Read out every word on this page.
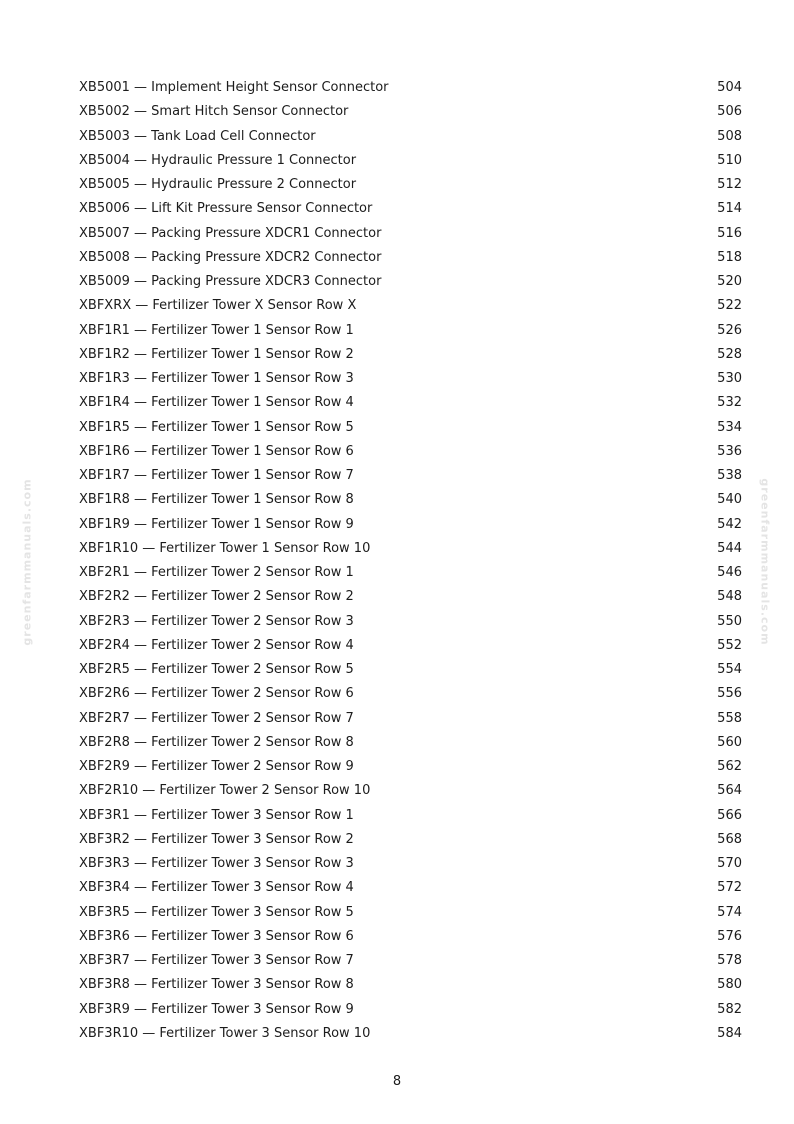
greenfarmmanuals.com	greenfarmmanuals.com
XB5001 — Implement Height Sensor Connector	504
XB5002 — Smart Hitch Sensor Connector	506
XB5003 — Tank Load Cell Connector	508
XB5004 — Hydraulic Pressure 1 Connector	510
XB5005 — Hydraulic Pressure 2 Connector	512
XB5006 — Lift Kit Pressure Sensor Connector	514
XB5007 — Packing Pressure XDCR1 Connector	516
XB5008 — Packing Pressure XDCR2 Connector	518
XB5009 — Packing Pressure XDCR3 Connector	520
XBFXRX — Fertilizer Tower X Sensor Row X	522
XBF1R1 — Fertilizer Tower 1 Sensor Row 1	526
XBF1R2 — Fertilizer Tower 1 Sensor Row 2	528
XBF1R3 — Fertilizer Tower 1 Sensor Row 3	530
XBF1R4 — Fertilizer Tower 1 Sensor Row 4	532
XBF1R5 — Fertilizer Tower 1 Sensor Row 5	534
XBF1R6 — Fertilizer Tower 1 Sensor Row 6	536
XBF1R7 — Fertilizer Tower 1 Sensor Row 7	538
XBF1R8 — Fertilizer Tower 1 Sensor Row 8	540
XBF1R9 — Fertilizer Tower 1 Sensor Row 9	542
XBF1R10 — Fertilizer Tower 1 Sensor Row 10	544
XBF2R1 — Fertilizer Tower 2 Sensor Row 1	546
XBF2R2 — Fertilizer Tower 2 Sensor Row 2	548
XBF2R3 — Fertilizer Tower 2 Sensor Row 3	550
XBF2R4 — Fertilizer Tower 2 Sensor Row 4	552
XBF2R5 — Fertilizer Tower 2 Sensor Row 5	554
XBF2R6 — Fertilizer Tower 2 Sensor Row 6	556
XBF2R7 — Fertilizer Tower 2 Sensor Row 7	558
XBF2R8 — Fertilizer Tower 2 Sensor Row 8	560
XBF2R9 — Fertilizer Tower 2 Sensor Row 9	562
XBF2R10 — Fertilizer Tower 2 Sensor Row 10	564
XBF3R1 — Fertilizer Tower 3 Sensor Row 1	566
XBF3R2 — Fertilizer Tower 3 Sensor Row 2	568
XBF3R3 — Fertilizer Tower 3 Sensor Row 3	570
XBF3R4 — Fertilizer Tower 3 Sensor Row 4	572
XBF3R5 — Fertilizer Tower 3 Sensor Row 5	574
XBF3R6 — Fertilizer Tower 3 Sensor Row 6	576
XBF3R7 — Fertilizer Tower 3 Sensor Row 7	578
XBF3R8 — Fertilizer Tower 3 Sensor Row 8	580
XBF3R9 — Fertilizer Tower 3 Sensor Row 9	582
XBF3R10 — Fertilizer Tower 3 Sensor Row 10	584
8
